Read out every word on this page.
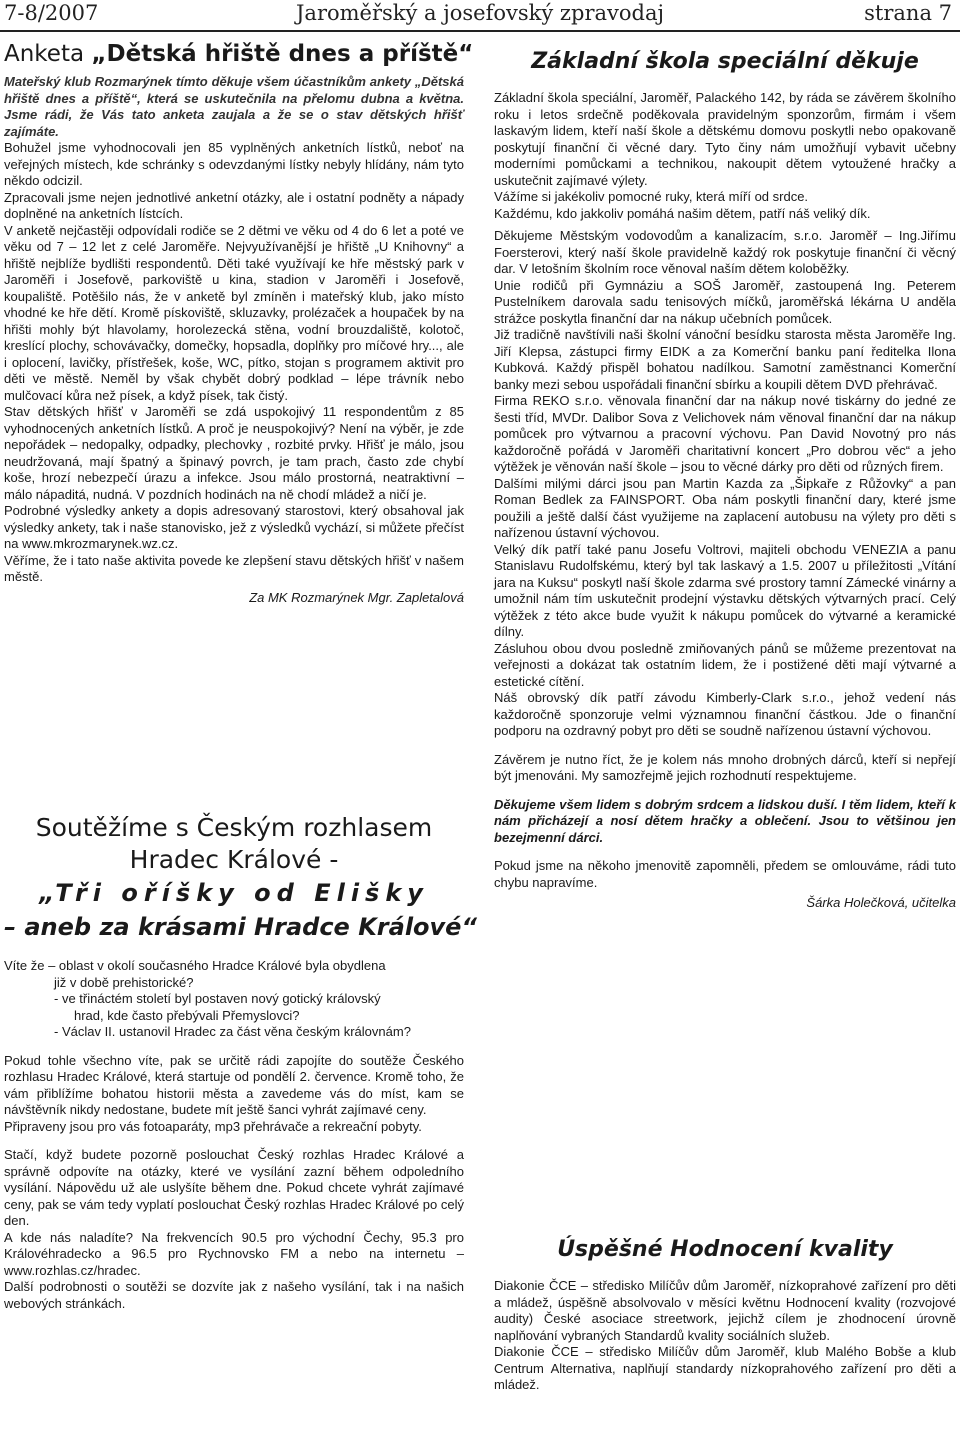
Jaroměřský a josefovský zpravodaj
7-8/2007	strana 7
Anketa „Dětská hřiště dnes a příště“

Mateřský klub Rozmarýnek tímto děkuje všem účastníkům ankety „Dětská hřiště dnes a příště“, která se uskutečnila na přelomu dubna a května. Jsme rádi, že Vás tato anketa zaujala a že se o stav dětských hřišť zajímáte.

Bohužel jsme vyhodnocovali jen 85 vyplněných anketních lístků, neboť na veřejných místech, kde schránky s odevzdanými lístky nebyly hlídány, nám tyto někdo odcizil.

Zpracovali jsme nejen jednotlivé anketní otázky, ale i ostatní podněty a nápady doplněné na anketních lístcích.

V anketě nejčastěji odpovídali rodiče se 2 dětmi ve věku od 4 do 6 let a poté ve věku od 7 – 12 let z celé Jaroměře. Nejvyužívanější je hřiště „U Knihovny“ a hřiště nejblíže bydlišti respondentů. Děti také využívají ke hře městský park v Jaroměři i Josefově, parkoviště u kina, stadion v Jaroměři i Josefově, koupaliště. Potěšilo nás, že v anketě byl zmíněn i mateřský klub, jako místo vhodné ke hře dětí. Kromě pískoviště, skluzavky, prolézaček a houpaček by na hřišti mohly být hlavolamy, horolezecká stěna, vodní brouzdaliště, kolotoč, kreslící plochy, schovávačky, domečky, hopsadla, doplňky pro míčové hry..., ale i oplocení, lavičky, přístřešek, koše, WC, pítko, stojan s programem aktivit pro děti ve městě. Neměl by však chybět dobrý podklad – lépe trávník nebo mulčovací kůra než písek, a když písek, tak čistý.

Stav dětských hřišť v Jaroměři se zdá uspokojivý 11 respondentům z 85 vyhodnocených anketních lístků. A proč je neuspokojivý? Není na výběr, je zde nepořádek – nedopalky, odpadky, plechovky , rozbité prvky. Hřišť je málo, jsou neudržovaná, mají špatný a špinavý povrch, je tam prach, často zde chybí koše, hrozí nebezpečí úrazu a infekce. Jsou málo prostorná, neatraktivní – málo nápaditá, nudná. V pozdních hodinách na ně chodí mládež a ničí je.

Podrobné výsledky ankety a dopis adresovaný starostovi, který obsahoval jak výsledky ankety, tak i naše stanovisko, jež z výsledků vychází, si můžete přečíst na www.mkrozmarynek.wz.cz.

Věříme, že i tato naše aktivita povede ke zlepšení stavu dětských hřišť v našem městě.

Za MK Rozmarýnek Mgr. Zapletalová

Soutěžíme s Českým rozhlasem
Hradec Králové -
„Tři oříšky od Elišky
– aneb za krásami Hradce Králové“

Víte že – oblast v okolí současného Hradce Králové byla obydlena

již v době prehistorické?

- ve třináctém století byl postaven nový gotický královský

hrad, kde často přebývali Přemyslovci?

- Václav II. ustanovil Hradec za část věna českým královnám?

Pokud tohle všechno víte, pak se určitě rádi zapojíte do soutěže Českého rozhlasu Hradec Králové, která startuje od pondělí 2. července. Kromě toho, že vám přiblížíme bohatou historii města a zavedeme vás do míst, kam se návštěvník nikdy nedostane, budete mít ještě šanci vyhrát zajímavé ceny.

Připraveny jsou pro vás fotoaparáty, mp3 přehrávače a rekreační pobyty.

Stačí, když budete pozorně poslouchat Český rozhlas Hradec Králové a správně odpovíte na otázky, které ve vysílání zazní během odpoledního vysílání. Nápovědu už ale uslyšíte během dne. Pokud chcete vyhrát zajímavé ceny, pak se vám tedy vyplatí poslouchat Český rozhlas Hradec Králové po celý den.

A kde nás naladíte? Na frekvencích 90.5 pro východní Čechy, 95.3 pro Královéhradecko a 96.5 pro Rychnovsko FM a nebo na internetu – www.rozhlas.cz/hradec.

Další podrobnosti o soutěži se dozvíte jak z našeho vysílání, tak i na našich webových stránkách.

Základní škola speciální děkuje

Základní škola speciální, Jaroměř, Palackého 142, by ráda se závěrem školního roku i letos srdečně poděkovala pravidelným sponzorům, firmám i všem laskavým lidem, kteří naší škole a dětskému domovu poskytli nebo opakovaně poskytují finanční či věcné dary. Tyto činy nám umožňují vybavit učebny moderními pomůckami a technikou, nakoupit dětem vytoužené hračky a uskutečnit zajímavé výlety.

Vážíme si jakékoliv pomocné ruky, která míří od srdce.

Každému, kdo jakkoliv pomáhá našim dětem, patří náš veliký dík.

Děkujeme Městským vodovodům a kanalizacím, s.r.o. Jaroměř – Ing.Jiřímu Foersterovi, který naší škole pravidelně každý rok poskytuje finanční či věcný dar. V letošním školním roce věnoval naším dětem koloběžky.

Unie rodičů při Gymnáziu a SOŠ Jaroměř, zastoupená Ing. Peterem Pustelníkem darovala sadu tenisových míčků, jaroměřská lékárna U anděla strážce poskytla finanční dar na nákup učebních pomůcek.

Již tradičně navštívili naši školní vánoční besídku starosta města Jaroměře Ing. Jiří Klepsa, zástupci firmy EIDK a za Komerční banku paní ředitelka Ilona Kubková. Každý přispěl bohatou nadílkou. Samotní zaměstnanci Komerční banky mezi sebou uspořádali finanční sbírku a koupili dětem DVD přehrávač.

Firma REKO s.r.o. věnovala finanční dar na nákup nové tiskárny do jedné ze šesti tříd, MVDr. Dalibor Sova z Velichovek nám věnoval finanční dar na nákup pomůcek pro výtvarnou a pracovní výchovu. Pan David Novotný pro nás každoročně pořádá v Jaroměři charitativní koncert „Pro dobrou věc“ a jeho výtěžek je věnován naší škole – jsou to věcné dárky pro děti od různých firem.

Dalšími milými dárci jsou pan Martin Kazda za „Šipkaře z Růžovky“ a pan Roman Bedlek za FAINSPORT. Oba nám poskytli finanční dary, které jsme použili a ještě další část využijeme na zaplacení autobusu na výlety pro děti s nařízenou ústavní výchovou.

Velký dík patří také panu Josefu Voltrovi, majiteli obchodu VENEZIA a panu Stanislavu Rudolfskému, který byl tak laskavý a 1.5. 2007 u příležitosti „Vítání jara na Kuksu“ poskytl naší škole zdarma své prostory tamní Zámecké vinárny a umožnil nám tím uskutečnit prodejní výstavku dětských výtvarných prací. Celý výtěžek z této akce bude využit k nákupu pomůcek do výtvarné a keramické dílny.

Zásluhou obou dvou posledně zmiňovaných pánů se můžeme prezentovat na veřejnosti a dokázat tak ostatním lidem, že i postižené děti mají výtvarné a estetické cítění.

Náš obrovský dík patří závodu Kimberly-Clark s.r.o., jehož vedení nás každoročně sponzoruje velmi významnou finanční částkou. Jde o finanční podporu na ozdravný pobyt pro děti se soudně nařízenou ústavní výchovou.

Závěrem je nutno říct, že je kolem nás mnoho drobných dárců, kteří si nepřejí být jmenováni. My samozřejmě jejich rozhodnutí respektujeme.

Děkujeme všem lidem s dobrým srdcem a lidskou duší. I těm lidem, kteří k nám přicházejí a nosí dětem hračky a oblečení. Jsou to většinou jen bezejmenní dárci.

Pokud jsme na někoho jmenovitě zapomněli, předem se omlouváme, rádi tuto chybu napravíme.

Šárka Holečková, učitelka

Úspěšné Hodnocení kvality

Diakonie ČCE – středisko Milíčův dům Jaroměř, nízkoprahové zařízení pro děti a mládež, úspěšně absolvovalo v měsíci květnu Hodnocení kvality (rozvojové audity) České asociace streetwork, jejichž cílem je zhodnocení úrovně naplňování vybraných Standardů kvality sociálních služeb.

Diakonie ČCE – středisko Milíčův dům Jaroměř, klub Malého Bobše a klub Centrum Alternativa, naplňují standardy nízkoprahového zařízení pro děti a mládež.
